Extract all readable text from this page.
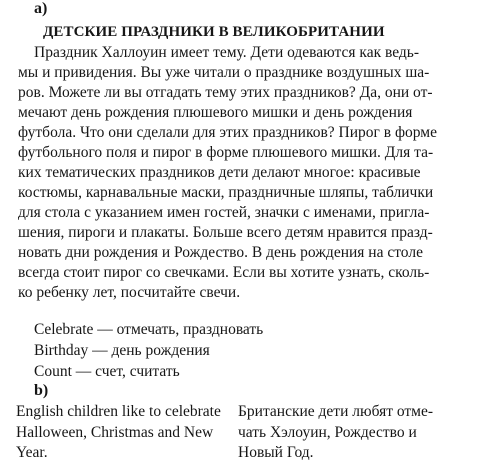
а)
ДЕТСКИЕ ПРАЗДНИКИ В ВЕЛИКОБРИТАНИИ
Праздник Халлоуин имеет тему. Дети одеваются как ведь-
мы и привидения. Вы уже читали о празднике воздушных ша-
ров. Можете ли вы отгадать тему этих праздников? Да, они от-
мечают день рождения плюшевого мишки и день рождения
футбола. Что они сделали для этих праздников? Пирог в форме
футбольного поля и пирог в форме плюшевого мишки. Для та-
ких тематических праздников дети делают многое: красивые
костюмы, карнавальные маски, праздничные шляпы, таблички
для стола с указанием имен гостей, значки с именами, пригла-
шения, пироги и плакаты. Больше всего детям нравится празд-
новать дни рождения и Рождество. В день рождения на столе
всегда стоит пирог со свечками. Если вы хотите узнать, сколь-
ко ребенку лет, посчитайте свечи.
Celebrate — отмечать, праздновать
Birthday — день рождения
Count — счет, считать
b)
English children like to celebrate
Halloween, Christmas and New
Year.
Британские дети любят отме-
чать Хэлоуин, Рождество и
Новый Год.
